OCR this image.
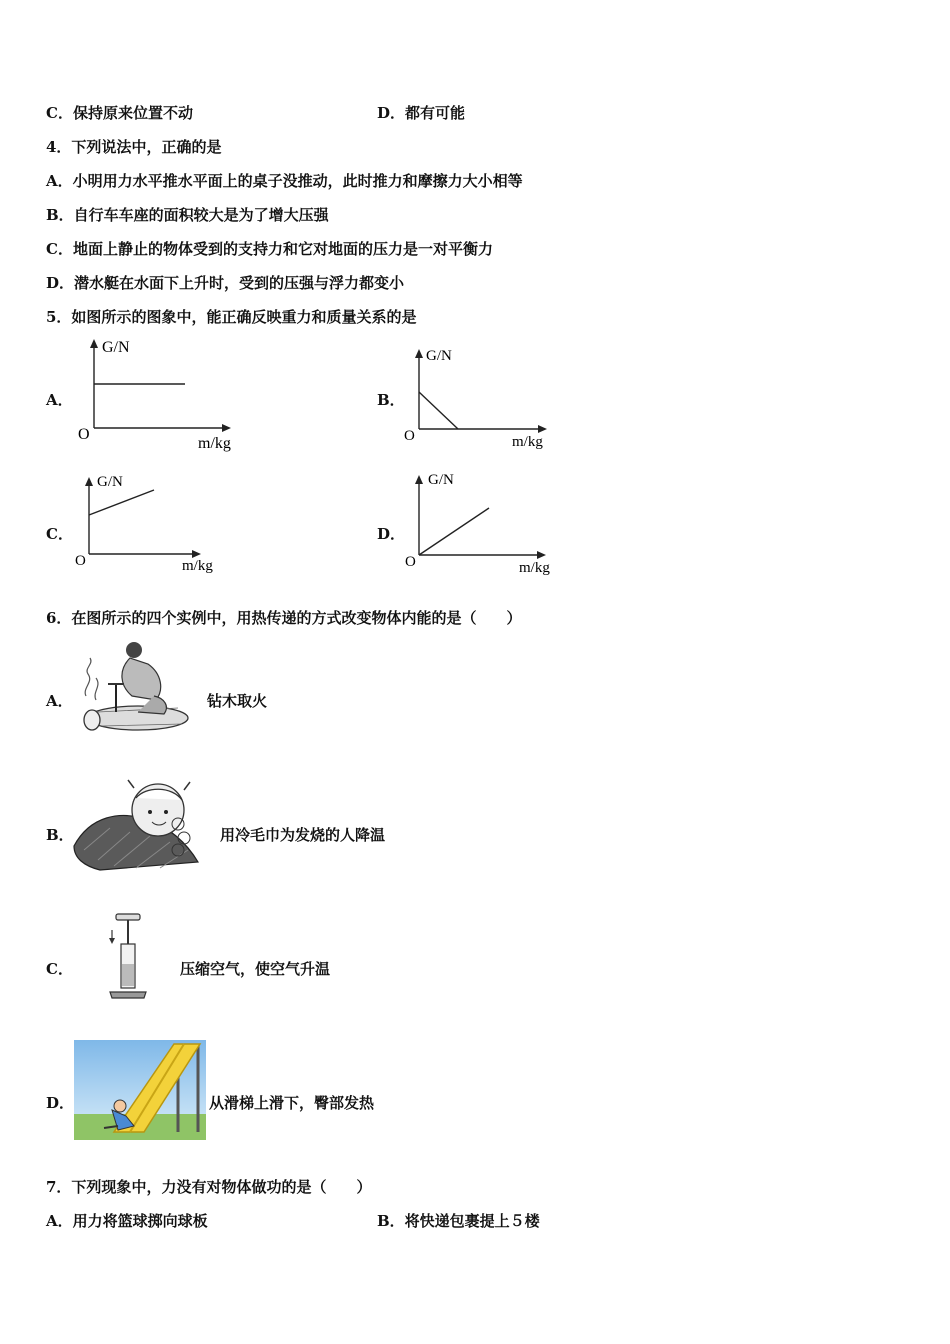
C．保持原来位置不动	D．都有可能
4．下列说法中，正确的是
A．小明用力水平推水平面上的桌子没推动，此时推力和摩擦力大小相等
B．自行车车座的面积较大是为了增大压强
C．地面上静止的物体受到的支持力和它对地面的压力是一对平衡力
D．潜水艇在水面下上升时，受到的压强与浮力都变小
5．如图所示的图象中，能正确反映重力和质量关系的是
A．
G/N
O
m/kg
B．
G/N
O	m/kg
C．
G/N
O	m/kg
D．
G/N
O	m/kg
6．在图所示的四个实例中，用热传递的方式改变物体内能的是（　　）
A．	钻木取火
B．	用冷毛巾为发烧的人降温
C．	压缩空气，使空气升温
D．	从滑梯上滑下，臀部发热
7．下列现象中，力没有对物体做功的是（　　）
A．用力将篮球掷向球板	B．将快递包裹提上５楼
